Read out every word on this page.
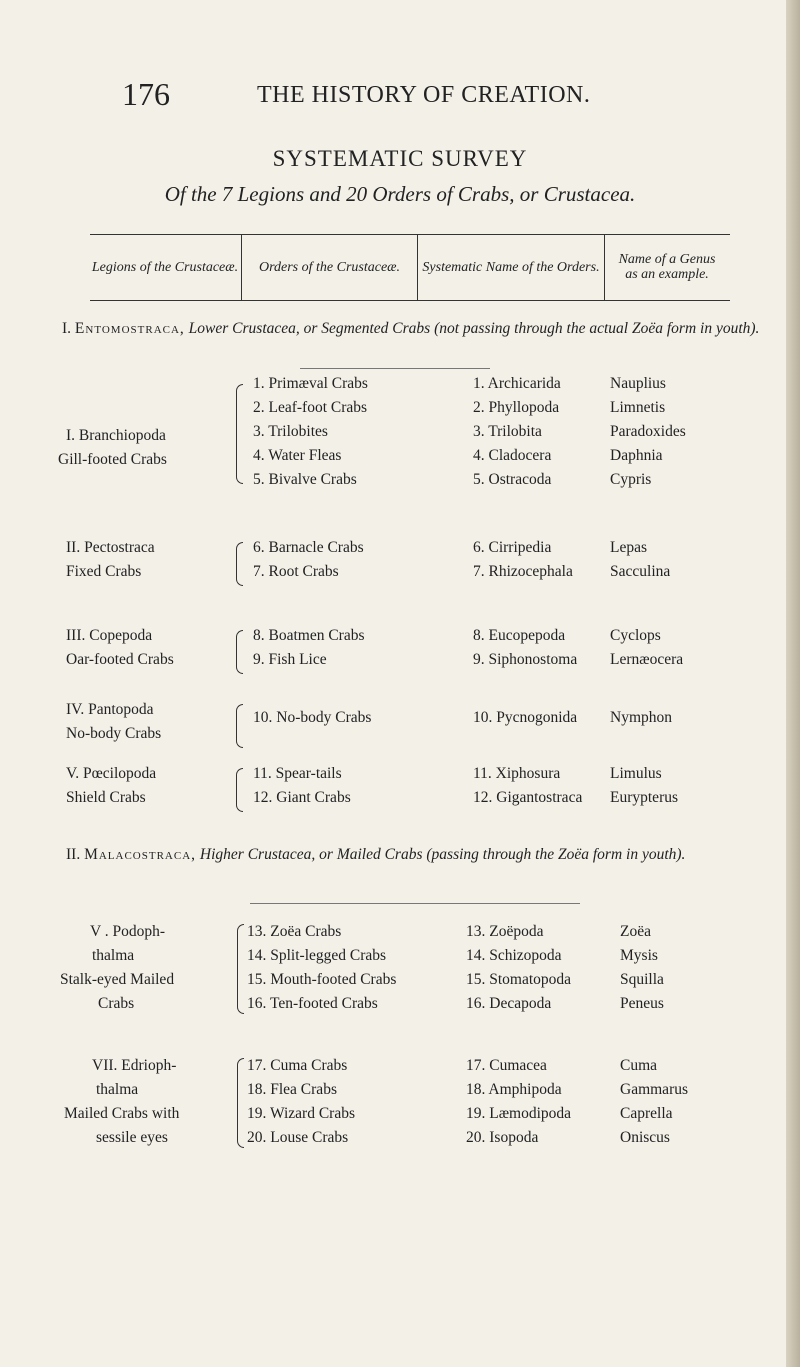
176	THE HISTORY OF CREATION.
SYSTEMATIC SURVEY
Of the 7 Legions and 20 Orders of Crabs, or Crustacea.
Legions of the Crustaceæ.	Orders of the Crustaceæ.	Systematic Name of the Orders.	Name of a Genus as an example.
I. Entomostraca, Lower Crustacea, or Segmented Crabs (not passing through the actual Zoëa form in youth).
I. Branchiopoda
Gill-footed Crabs
1. Primæval Crabs	1. Archicarida	Nauplius
2. Leaf-foot Crabs	2. Phyllopoda	Limnetis
3. Trilobites	3. Trilobita	Paradoxides
4. Water Fleas	4. Cladocera	Daphnia
5. Bivalve Crabs	5. Ostracoda	Cypris
II. Pectostraca
Fixed Crabs
6. Barnacle Crabs	6. Cirripedia	Lepas
7. Root Crabs	7. Rhizocephala Sacculina
III. Copepoda
Oar-footed Crabs
8. Boatmen Crabs	8. Eucopepoda	Cyclops
9. Fish Lice	9. Siphonostoma Lernæocera
IV. Pantopoda
No-body Crabs
10. No-body Crabs	10. Pycnogonida Nymphon
V. Pœcilopoda
Shield Crabs
11. Spear-tails	11. Xiphosura	Limulus
12. Giant Crabs	12. Gigantostraca Eurypterus
II. Malacostraca, Higher Crustacea, or Mailed Crabs (passing through the Zoëa form in youth).
V . Podoph-
thalma
Stalk-eyed Mailed
Crabs
13. Zoëa Crabs	13. Zoëpoda	Zoëa
14. Split-legged Crabs	14. Schizopoda	Mysis
15. Mouth-footed Crabs	15. Stomatopoda	Squilla
16. Ten-footed Crabs	16. Decapoda	Peneus
VII. Edrioph-
thalma
Mailed Crabs with
sessile eyes
17. Cuma Crabs	17. Cumacea	Cuma
18. Flea Crabs	18. Amphipoda	Gammarus
19. Wizard Crabs	19. Læmodipoda	Caprella
20. Louse Crabs	20. Isopoda	Oniscus
